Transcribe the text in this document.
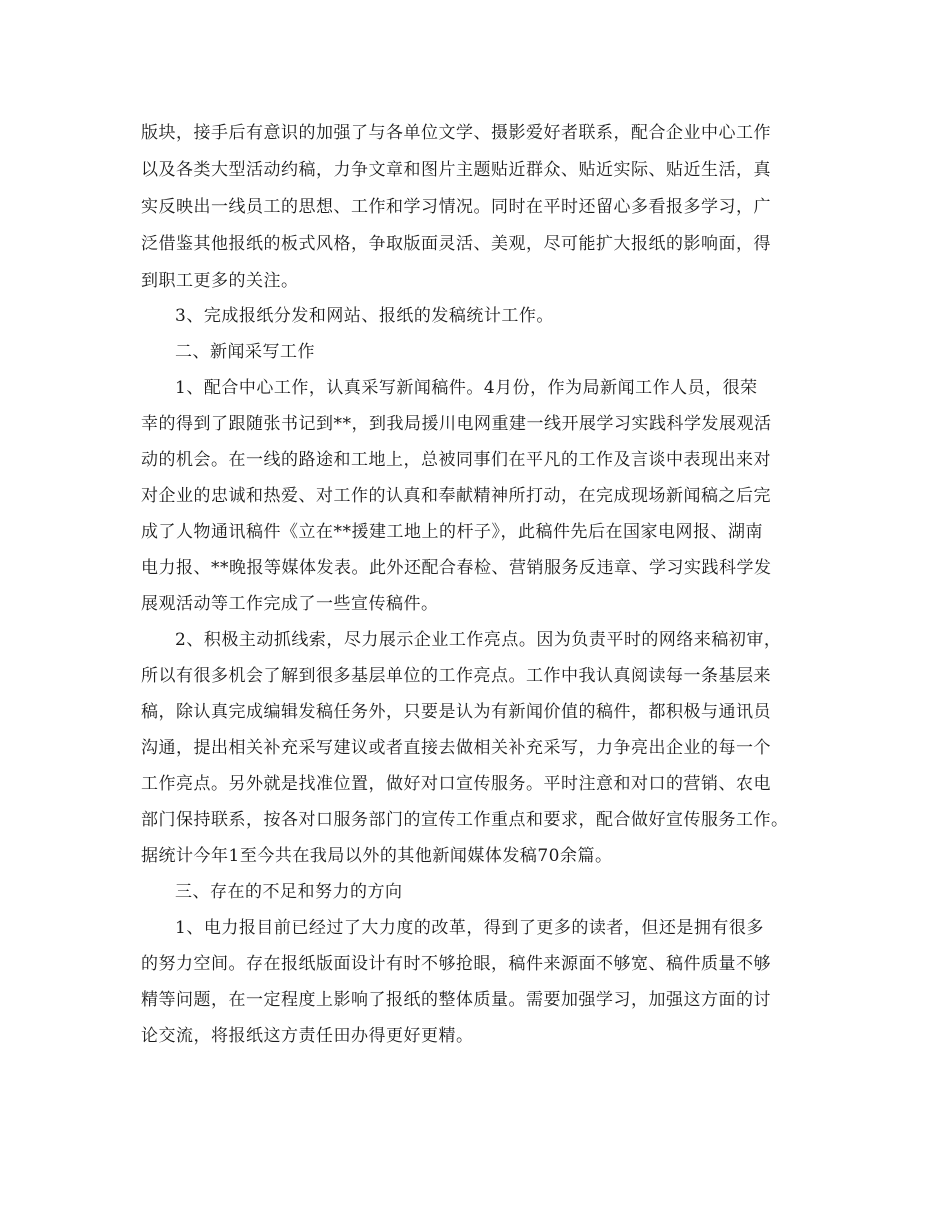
版块，接手后有意识的加强了与各单位文学、摄影爱好者联系，配合企业中心工作

以及各类大型活动约稿，力争文章和图片主题贴近群众、贴近实际、贴近生活，真

实反映出一线员工的思想、工作和学习情况。同时在平时还留心多看报多学习，广

泛借鉴其他报纸的板式风格，争取版面灵活、美观，尽可能扩大报纸的影响面，得

到职工更多的关注。

3、完成报纸分发和网站、报纸的发稿统计工作。

二、新闻采写工作

1、配合中心工作，认真采写新闻稿件。4月份，作为局新闻工作人员，很荣

幸的得到了跟随张书记到**，到我局援川电网重建一线开展学习实践科学发展观活

动的机会。在一线的路途和工地上，总被同事们在平凡的工作及言谈中表现出来对

对企业的忠诚和热爱、对工作的认真和奉献精神所打动，在完成现场新闻稿之后完

成了人物通讯稿件《立在**援建工地上的杆子》，此稿件先后在国家电网报、湖南

电力报、**晚报等媒体发表。此外还配合春检、营销服务反违章、学习实践科学发

展观活动等工作完成了一些宣传稿件。

2、积极主动抓线索，尽力展示企业工作亮点。因为负责平时的网络来稿初审，

所以有很多机会了解到很多基层单位的工作亮点。工作中我认真阅读每一条基层来

稿，除认真完成编辑发稿任务外，只要是认为有新闻价值的稿件，都积极与通讯员

沟通，提出相关补充采写建议或者直接去做相关补充采写，力争亮出企业的每一个

工作亮点。另外就是找准位置，做好对口宣传服务。平时注意和对口的营销、农电

部门保持联系，按各对口服务部门的宣传工作重点和要求，配合做好宣传服务工作。

据统计今年1至今共在我局以外的其他新闻媒体发稿70余篇。

三、存在的不足和努力的方向

1、电力报目前已经过了大力度的改革，得到了更多的读者，但还是拥有很多

的努力空间。存在报纸版面设计有时不够抢眼，稿件来源面不够宽、稿件质量不够

精等问题，在一定程度上影响了报纸的整体质量。需要加强学习，加强这方面的讨

论交流，将报纸这方责任田办得更好更精。
